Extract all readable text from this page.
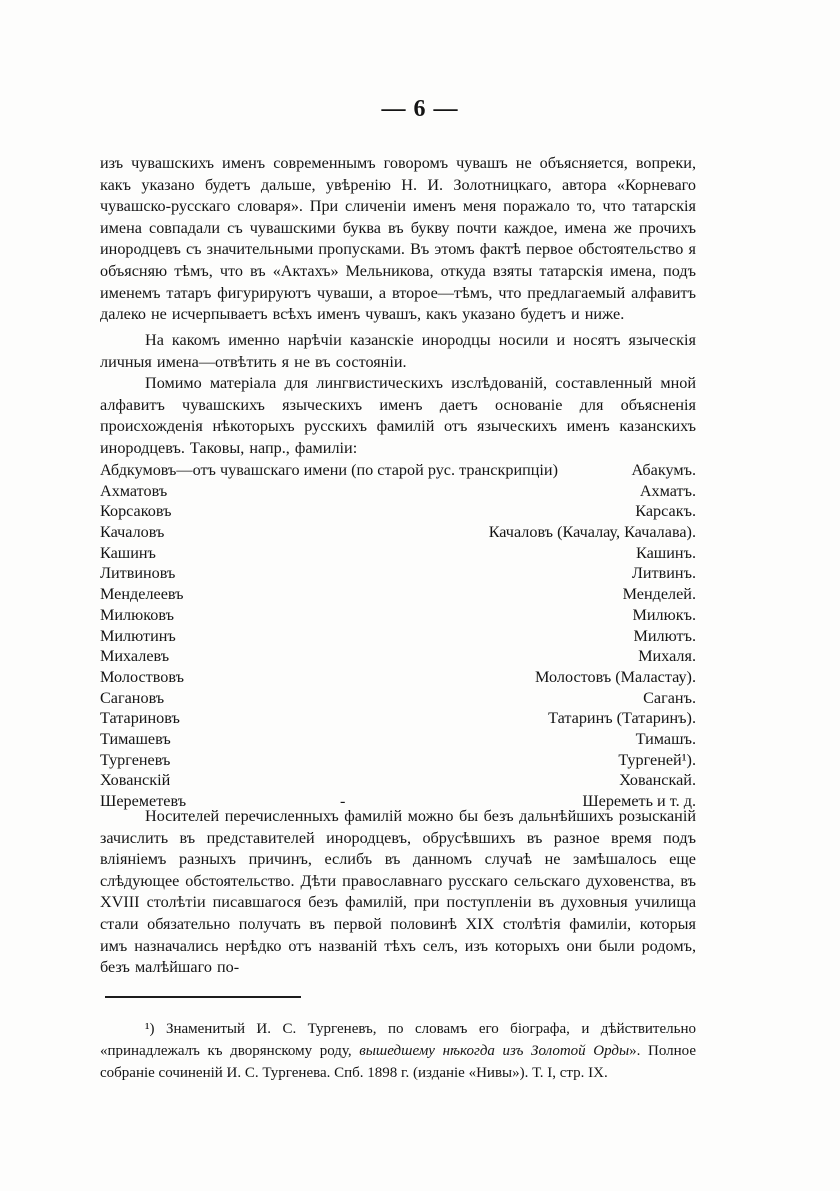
— 6 —
изъ чувашскихъ именъ современнымъ говоромъ чувашъ не объясняется, вопреки, какъ указано будетъ дальше, увѣренію Н. И. Золотницкаго, автора «Корневаго чувашско-русскаго словаря». При сличеніи именъ меня поражало то, что татарскія имена совпадали съ чувашскими буква въ букву почти каждое, имена же прочихъ инородцевъ съ значительными пропусками. Въ этомъ фактѣ первое обстоятельство я объясняю тѣмъ, что въ «Актахъ» Мельникова, откуда взяты татарскія имена, подъ именемъ татаръ фигурируютъ чуваши, а второе—тѣмъ, что предлагаемый алфавитъ далеко не исчерпываетъ всѣхъ именъ чувашъ, какъ указано будетъ и ниже.
На какомъ именно нарѣчіи казанскіе инородцы носили и носятъ языческія личныя имена—отвѣтить я не въ состояніи.
Помимо матеріала для лингвистическихъ изслѣдованій, составленный мной алфавитъ чувашскихъ языческихъ именъ даетъ основаніе для объясненія происхожденія нѣкоторыхъ русскихъ фамилій отъ языческихъ именъ казанскихъ инородцевъ. Таковы, напр., фамиліи:
Абдкумовъ—отъ чувашскаго имени (по старой рус. транскрипціи)	Абакумъ.
Ахматовъ	Ахматъ.
Корсаковъ	Карсакъ.
Качаловъ	Качаловъ (Качалау, Качалава).
Кашинъ	Кашинъ.
Литвиновъ	Литвинъ.
Менделеевъ	Менделей.
Милюковъ	Милюкъ.
Милютинъ	Милютъ.
Михалевъ	Михаля.
Молоствовъ	Молостовъ (Маластау).
Сагановъ	Саганъ.
Татариновъ	Татаринъ (Татаринъ).
Тимашевъ	Тимашъ.
Тургеневъ	Тургеней¹).
Хованскій	Хованскай.
Шереметевъ	-	Шереметь и т. д.
Носителей перечисленныхъ фамилій можно бы безъ дальнѣйшихъ розысканій зачислить въ представителей инородцевъ, обрусѣвшихъ въ разное время подъ вліяніемъ разныхъ причинъ, еслибъ въ данномъ случаѣ не замѣшалось еще слѣдующее обстоятельство. Дѣти православнаго русскаго сельскаго духовенства, въ XVIII столѣтіи писавшагося безъ фамилій, при поступленіи въ духовныя училища стали обязательно получать въ первой половинѣ XIX столѣтія фамиліи, которыя имъ назначались нерѣдко отъ названій тѣхъ селъ, изъ которыхъ они были родомъ, безъ малѣйшаго по-
¹) Знаменитый И. С. Тургеневъ, по словамъ его біографа, и дѣйствительно «принадлежалъ къ дворянскому роду, вышедшему нѣкогда изъ Золотой Орды». Полное собраніе сочиненій И. С. Тургенева. Спб. 1898 г. (изданіе «Нивы»). Т. I, стр. IX.
